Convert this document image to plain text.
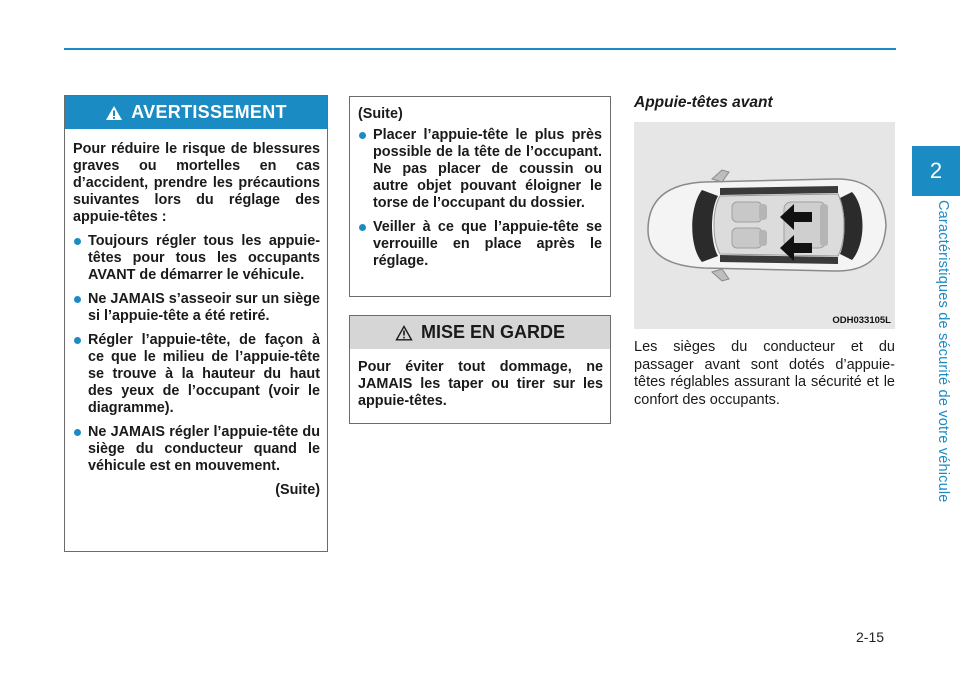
2
Caractéristiques de sécurité de votre véhicule
AVERTISSEMENT

Pour réduire le risque de blessures graves ou mortelles en cas d’accident, prendre les précautions suivantes lors du réglage des appuie-têtes :

Toujours régler tous les appuie-têtes pour tous les occupants AVANT de démarrer le véhicule.
Ne JAMAIS s’asseoir sur un siège si l’appuie-tête a été retiré.
Régler l’appuie-tête, de façon à ce que le milieu de l’appuie-tête se trouve à la hauteur du haut des yeux de l’occupant (voir le diagramme).
Ne JAMAIS régler l’appuie-tête du siège du conducteur quand le véhicule est en mouvement.
(Suite)
(Suite)
Placer l’appuie-tête le plus près possible de la tête de l’occupant. Ne pas placer de coussin ou autre objet pouvant éloigner le torse de l’occupant du dossier.
Veiller à ce que l’appuie-tête se verrouille en place après le réglage.
MISE EN GARDE
Pour éviter tout dommage, ne JAMAIS les taper ou tirer sur les appuie-têtes.
Appuie-têtes avant
ODH033105L
Les sièges du conducteur et du passager avant sont dotés d’appuie-têtes réglables assurant la sécurité et le confort des occupants.
2-15
